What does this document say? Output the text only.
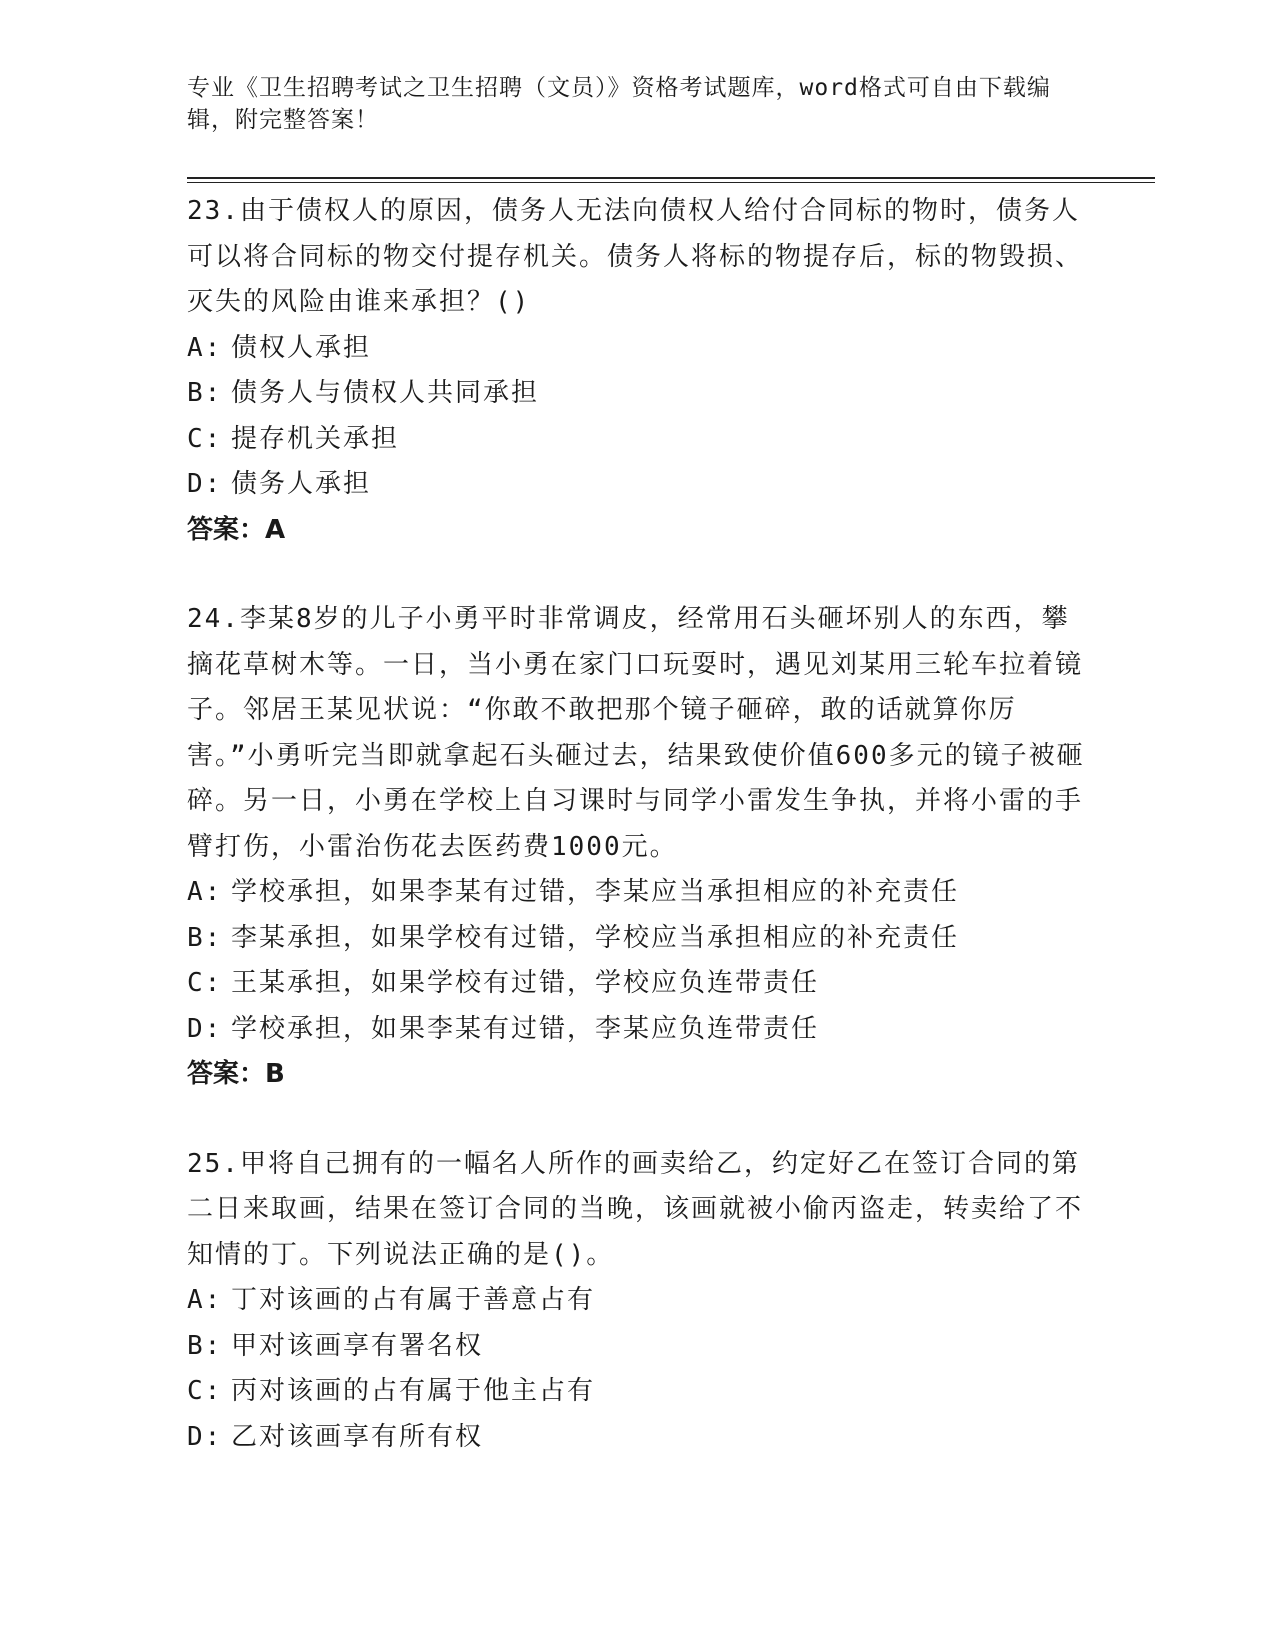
专业《卫生招聘考试之卫生招聘（文员）》资格考试题库，word格式可自由下载编辑，附完整答案！

23.由于债权人的原因，债务人无法向债权人给付合同标的物时，债务人可以将合同标的物交付提存机关。债务人将标的物提存后，标的物毁损、灭失的风险由谁来承担？()

A: 债权人承担

B: 债务人与债权人共同承担

C: 提存机关承担

D: 债务人承担

答案：A

24.李某8岁的儿子小勇平时非常调皮，经常用石头砸坏别人的东西，攀摘花草树木等。一日，当小勇在家门口玩耍时，遇见刘某用三轮车拉着镜子。邻居王某见状说：“你敢不敢把那个镜子砸碎，敢的话就算你厉害。”小勇听完当即就拿起石头砸过去，结果致使价值600多元的镜子被砸碎。另一日，小勇在学校上自习课时与同学小雷发生争执，并将小雷的手臂打伤，小雷治伤花去医药费1000元。

A: 学校承担，如果李某有过错，李某应当承担相应的补充责任

B: 李某承担，如果学校有过错，学校应当承担相应的补充责任

C: 王某承担，如果学校有过错，学校应负连带责任

D: 学校承担，如果李某有过错，李某应负连带责任

答案：B

25.甲将自己拥有的一幅名人所作的画卖给乙，约定好乙在签订合同的第二日来取画，结果在签订合同的当晚，该画就被小偷丙盗走，转卖给了不知情的丁。下列说法正确的是()。

A: 丁对该画的占有属于善意占有

B: 甲对该画享有署名权

C: 丙对该画的占有属于他主占有

D: 乙对该画享有所有权
